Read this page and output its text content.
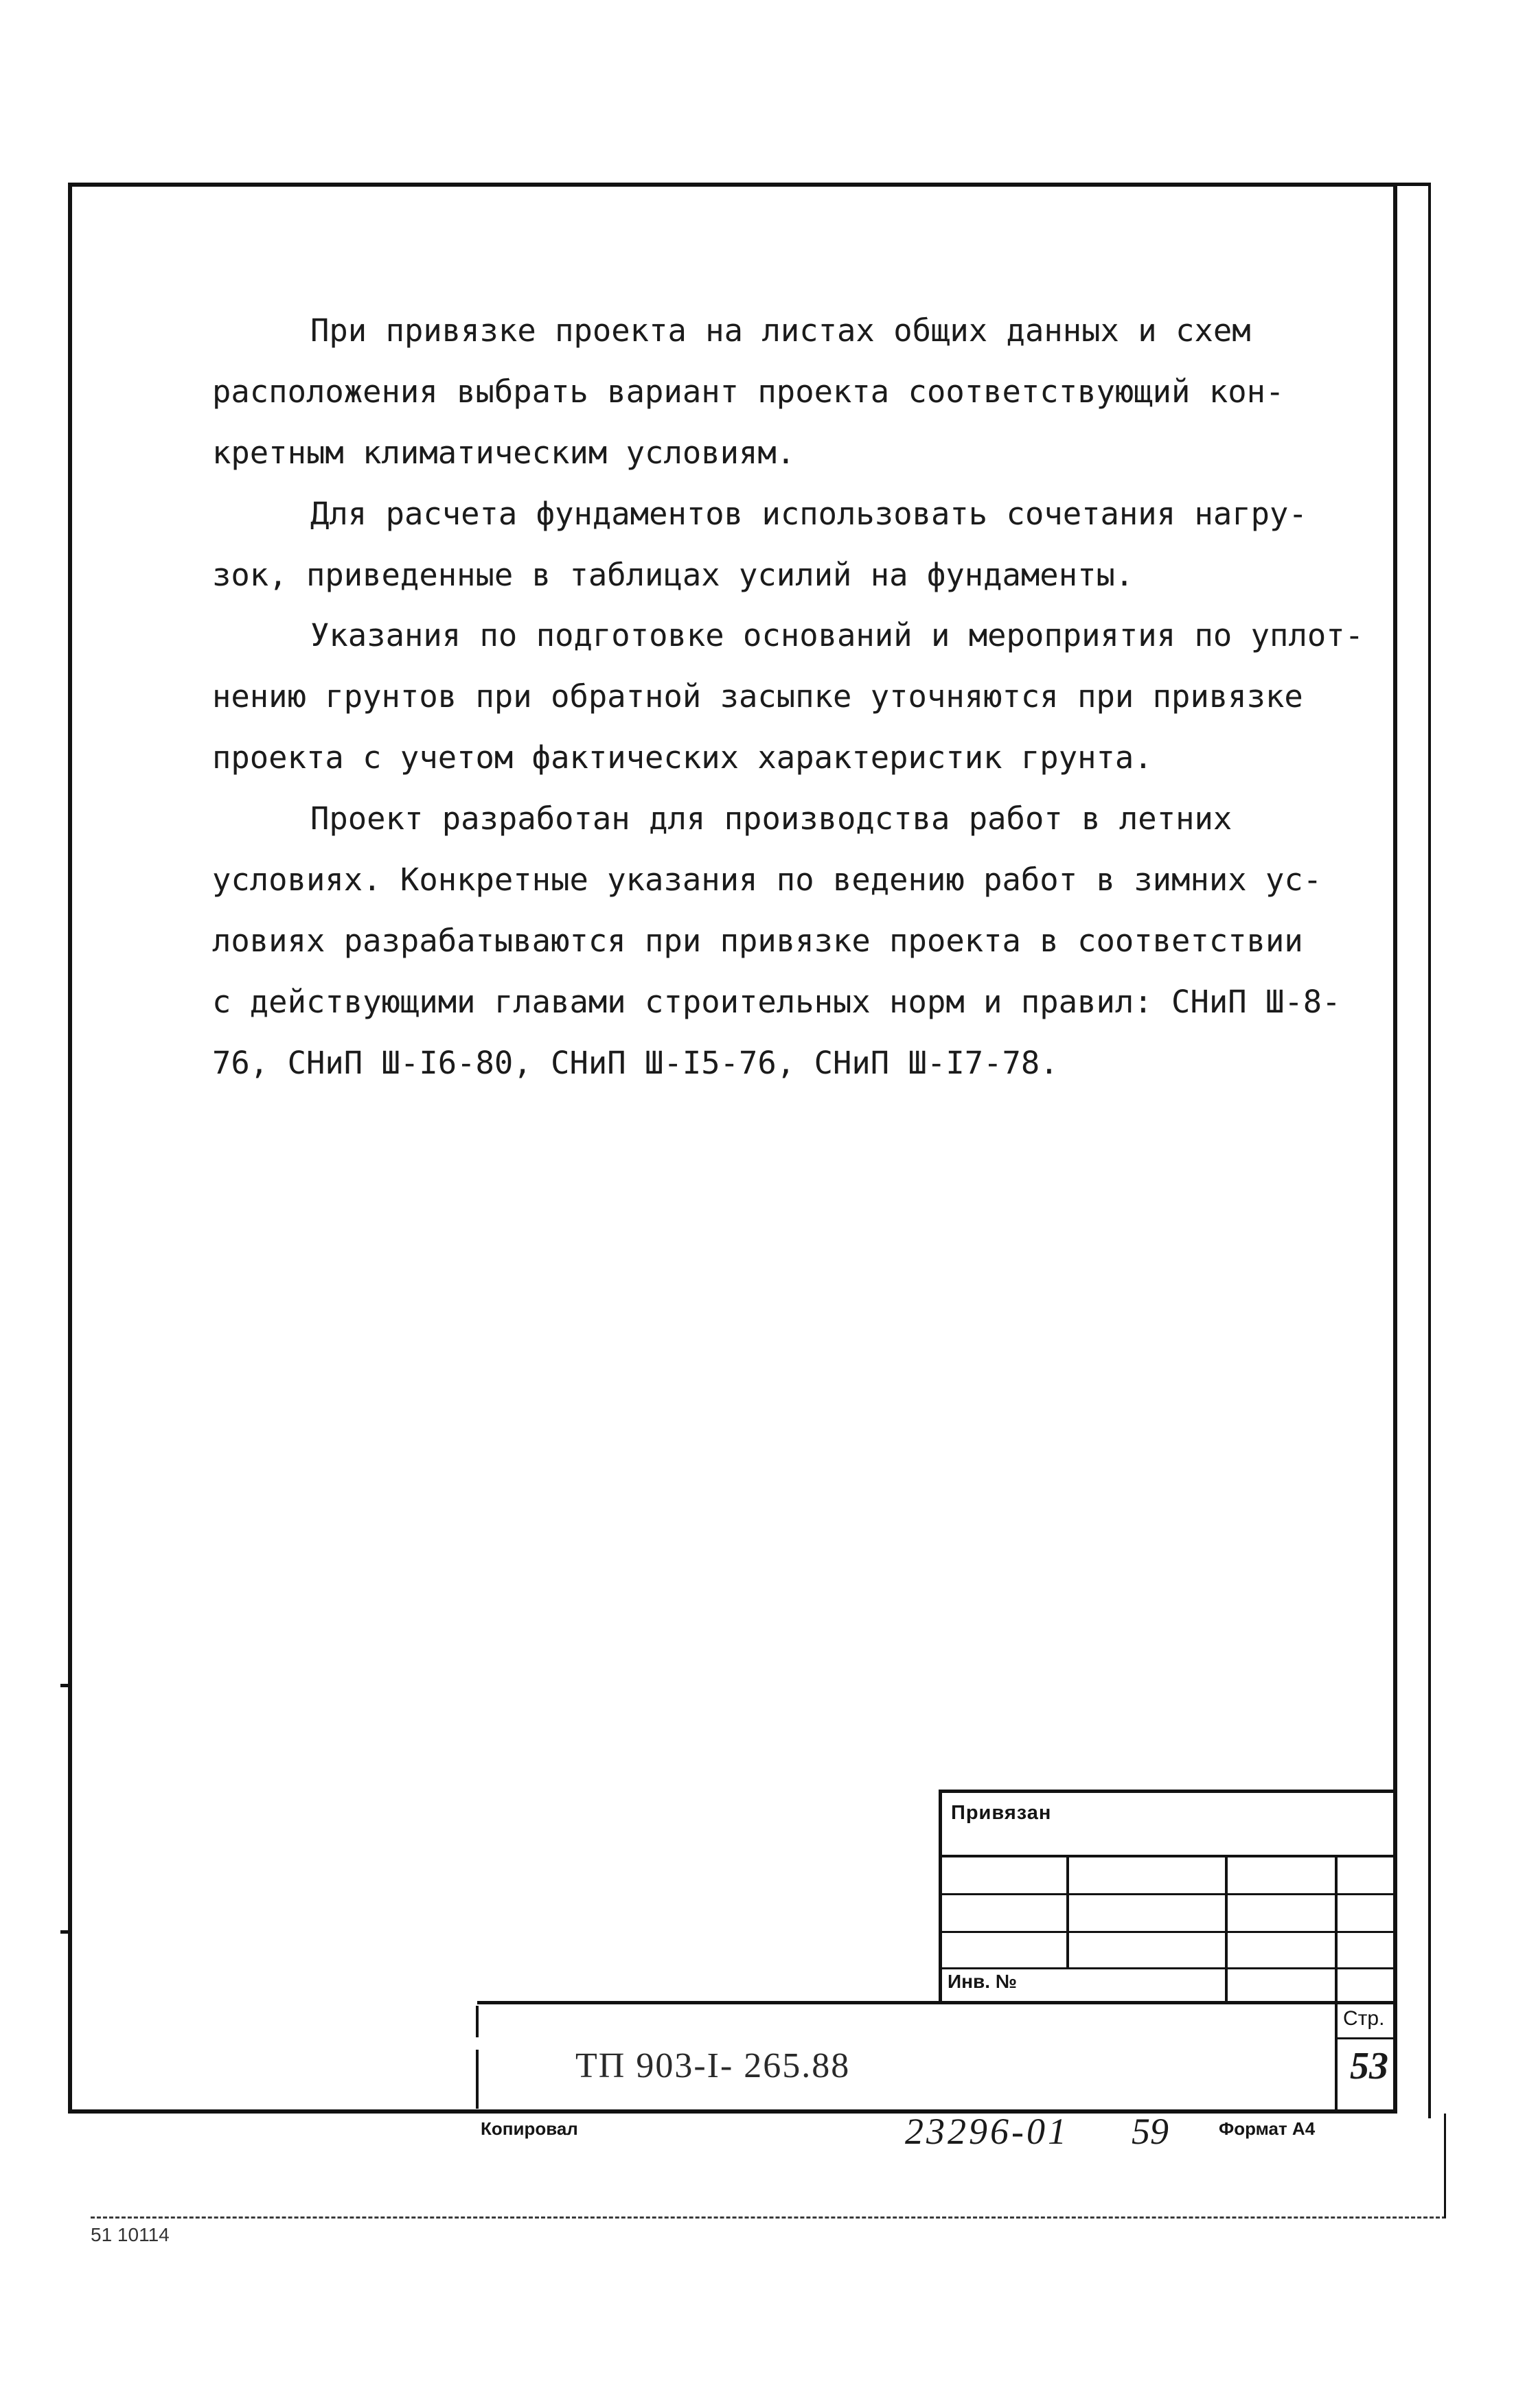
При привязке проекта на листах общих данных и схем
расположения выбрать вариант проекта соответствующий кон-
кретным климатическим условиям.
Для расчета фундаментов использовать сочетания нагру-
зок, приведенные в таблицах усилий на фундаменты.
Указания по подготовке оснований и мероприятия по уплот-
нению грунтов при обратной засыпке уточняются при привязке
проекта с учетом фактических характеристик грунта.
Проект разработан для производства работ в летних
условиях. Конкретные указания по ведению работ в зимних ус-
ловиях разрабатываются при привязке проекта в соответствии
с действующими главами строительных норм и правил: СНиП Ш-8-
76, СНиП Ш-I6-80, СНиП Ш-I5-76, СНиП Ш-I7-78.
Привязан
Инв. №
ТП 903-I- 265.88
Стр.
53
Копировал	23296-01 59	Формат А4
51 10114
